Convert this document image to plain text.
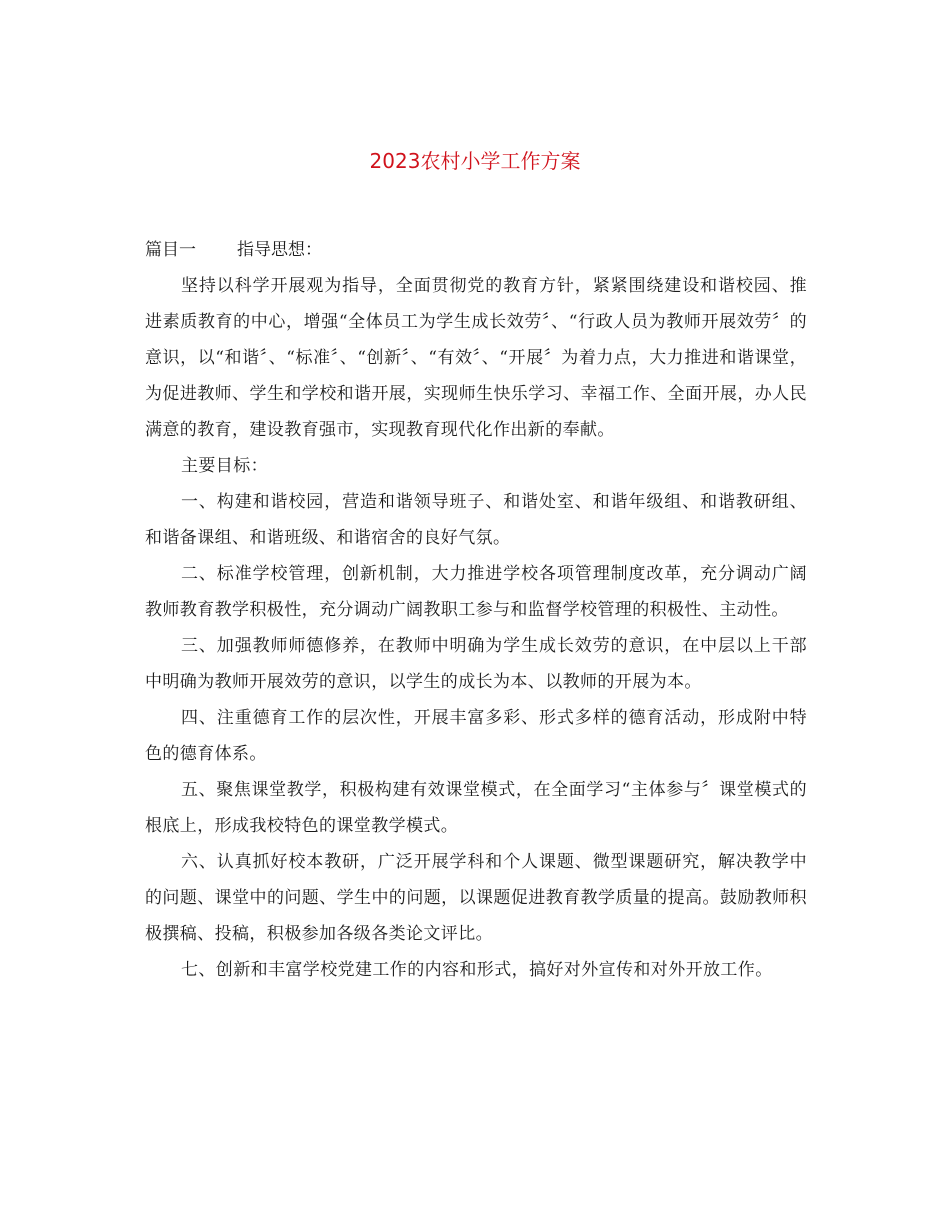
2023农村小学工作方案

篇目一 指导思想：

坚持以科学开展观为指导，全面贯彻党的教育方针，紧紧围绕建设和谐校园、推进素质教育的中心，增强“全体员工为学生成长效劳〞、“行政人员为教师开展效劳〞的意识，以“和谐〞、“标准〞、“创新〞、“有效〞、“开展〞为着力点，大力推进和谐课堂，为促进教师、学生和学校和谐开展，实现师生快乐学习、幸福工作、全面开展，办人民满意的教育，建设教育强市，实现教育现代化作出新的奉献。

主要目标：

一、构建和谐校园，营造和谐领导班子、和谐处室、和谐年级组、和谐教研组、和谐备课组、和谐班级、和谐宿舍的良好气氛。

二、标准学校管理，创新机制，大力推进学校各项管理制度改革，充分调动广阔教师教育教学积极性，充分调动广阔教职工参与和监督学校管理的积极性、主动性。

三、加强教师师德修养，在教师中明确为学生成长效劳的意识，在中层以上干部中明确为教师开展效劳的意识，以学生的成长为本、以教师的开展为本。

四、注重德育工作的层次性，开展丰富多彩、形式多样的德育活动，形成附中特色的德育体系。

五、聚焦课堂教学，积极构建有效课堂模式，在全面学习“主体参与〞课堂模式的根底上，形成我校特色的课堂教学模式。

六、认真抓好校本教研，广泛开展学科和个人课题、微型课题研究，解决教学中的问题、课堂中的问题、学生中的问题，以课题促进教育教学质量的提高。鼓励教师积极撰稿、投稿，积极参加各级各类论文评比。

七、创新和丰富学校党建工作的内容和形式，搞好对外宣传和对外开放工作。
